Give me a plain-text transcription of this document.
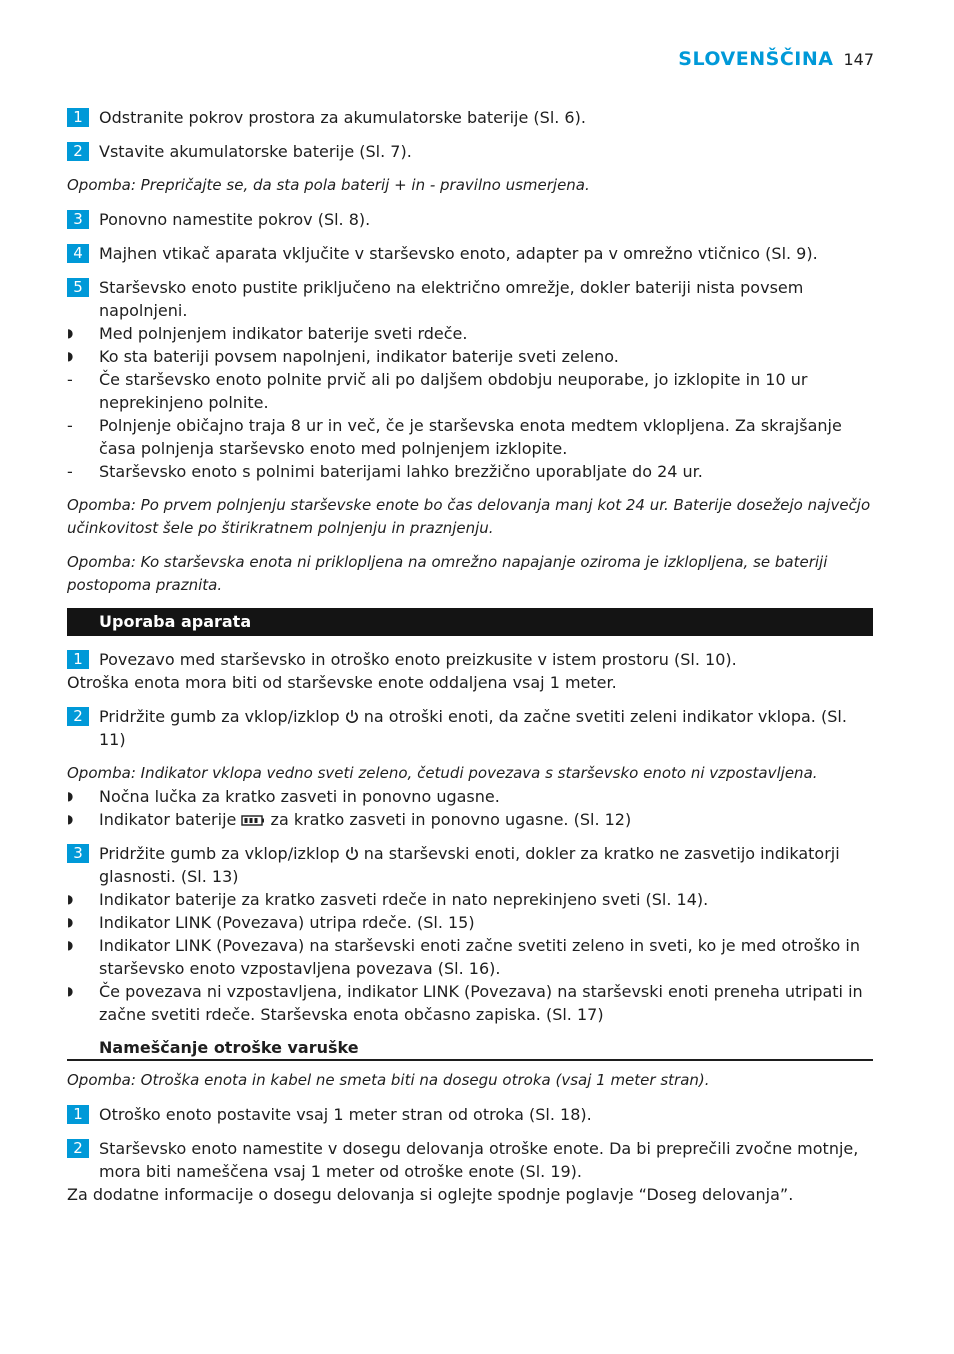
SLOVENŠČINA 147
1	Odstranite pokrov prostora za akumulatorske baterije (Sl. 6).
2	Vstavite akumulatorske baterije (Sl. 7).
Opomba: Prepričajte se, da sta pola baterij + in - pravilno usmerjena.
3	Ponovno namestite pokrov (Sl. 8).
4	Majhen vtikač aparata vključite v starševsko enoto, adapter pa v omrežno vtičnico (Sl. 9).
5	Starševsko enoto pustite priključeno na električno omrežje, dokler bateriji nista povsem napolnjeni.
◗	Med polnjenjem indikator baterije sveti rdeče.
◗	Ko sta bateriji povsem napolnjeni, indikator baterije sveti zeleno.
-	Če starševsko enoto polnite prvič ali po daljšem obdobju neuporabe, jo izklopite in 10 ur neprekinjeno polnite.
-	Polnjenje običajno traja 8 ur in več, če je starševska enota medtem vklopljena. Za skrajšanje časa polnjenja starševsko enoto med polnjenjem izklopite.
-	Starševsko enoto s polnimi baterijami lahko brezžično uporabljate do 24 ur.
Opomba: Po prvem polnjenju starševske enote bo čas delovanja manj kot 24 ur. Baterije dosežejo največjo učinkovitost šele po štirikratnem polnjenju in praznjenju.
Opomba: Ko starševska enota ni priklopljena na omrežno napajanje oziroma je izklopljena, se bateriji postopoma praznita.
Uporaba aparata
1	Povezavo med starševsko in otroško enoto preizkusite v istem prostoru (Sl. 10).
Otroška enota mora biti od starševske enote oddaljena vsaj 1 meter.
2	Pridržite gumb za vklop/izklop  na otroški enoti, da začne svetiti zeleni indikator vklopa. (Sl. 11)
Opomba: Indikator vklopa vedno sveti zeleno, četudi povezava s starševsko enoto ni vzpostavljena.
◗	Nočna lučka za kratko zasveti in ponovno ugasne.
◗	Indikator baterije  za kratko zasveti in ponovno ugasne. (Sl. 12)
3	Pridržite gumb za vklop/izklop  na starševski enoti, dokler za kratko ne zasvetijo indikatorji glasnosti. (Sl. 13)
◗	Indikator baterije za kratko zasveti rdeče in nato neprekinjeno sveti (Sl. 14).
◗	Indikator LINK (Povezava) utripa rdeče. (Sl. 15)
◗	Indikator LINK (Povezava) na starševski enoti začne svetiti zeleno in sveti, ko je med otroško in starševsko enoto vzpostavljena povezava (Sl. 16).
◗	Če povezava ni vzpostavljena, indikator LINK (Povezava) na starševski enoti preneha utripati in začne svetiti rdeče. Starševska enota občasno zapiska. (Sl. 17)
Nameščanje otroške varuške
Opomba: Otroška enota in kabel ne smeta biti na dosegu otroka (vsaj 1 meter stran).
1	Otroško enoto postavite vsaj 1 meter stran od otroka (Sl. 18).
2	Starševsko enoto namestite v dosegu delovanja otroške enote. Da bi preprečili zvočne motnje, mora biti nameščena vsaj 1 meter od otroške enote (Sl. 19).
Za dodatne informacije o dosegu delovanja si oglejte spodnje poglavje “Doseg delovanja”.
